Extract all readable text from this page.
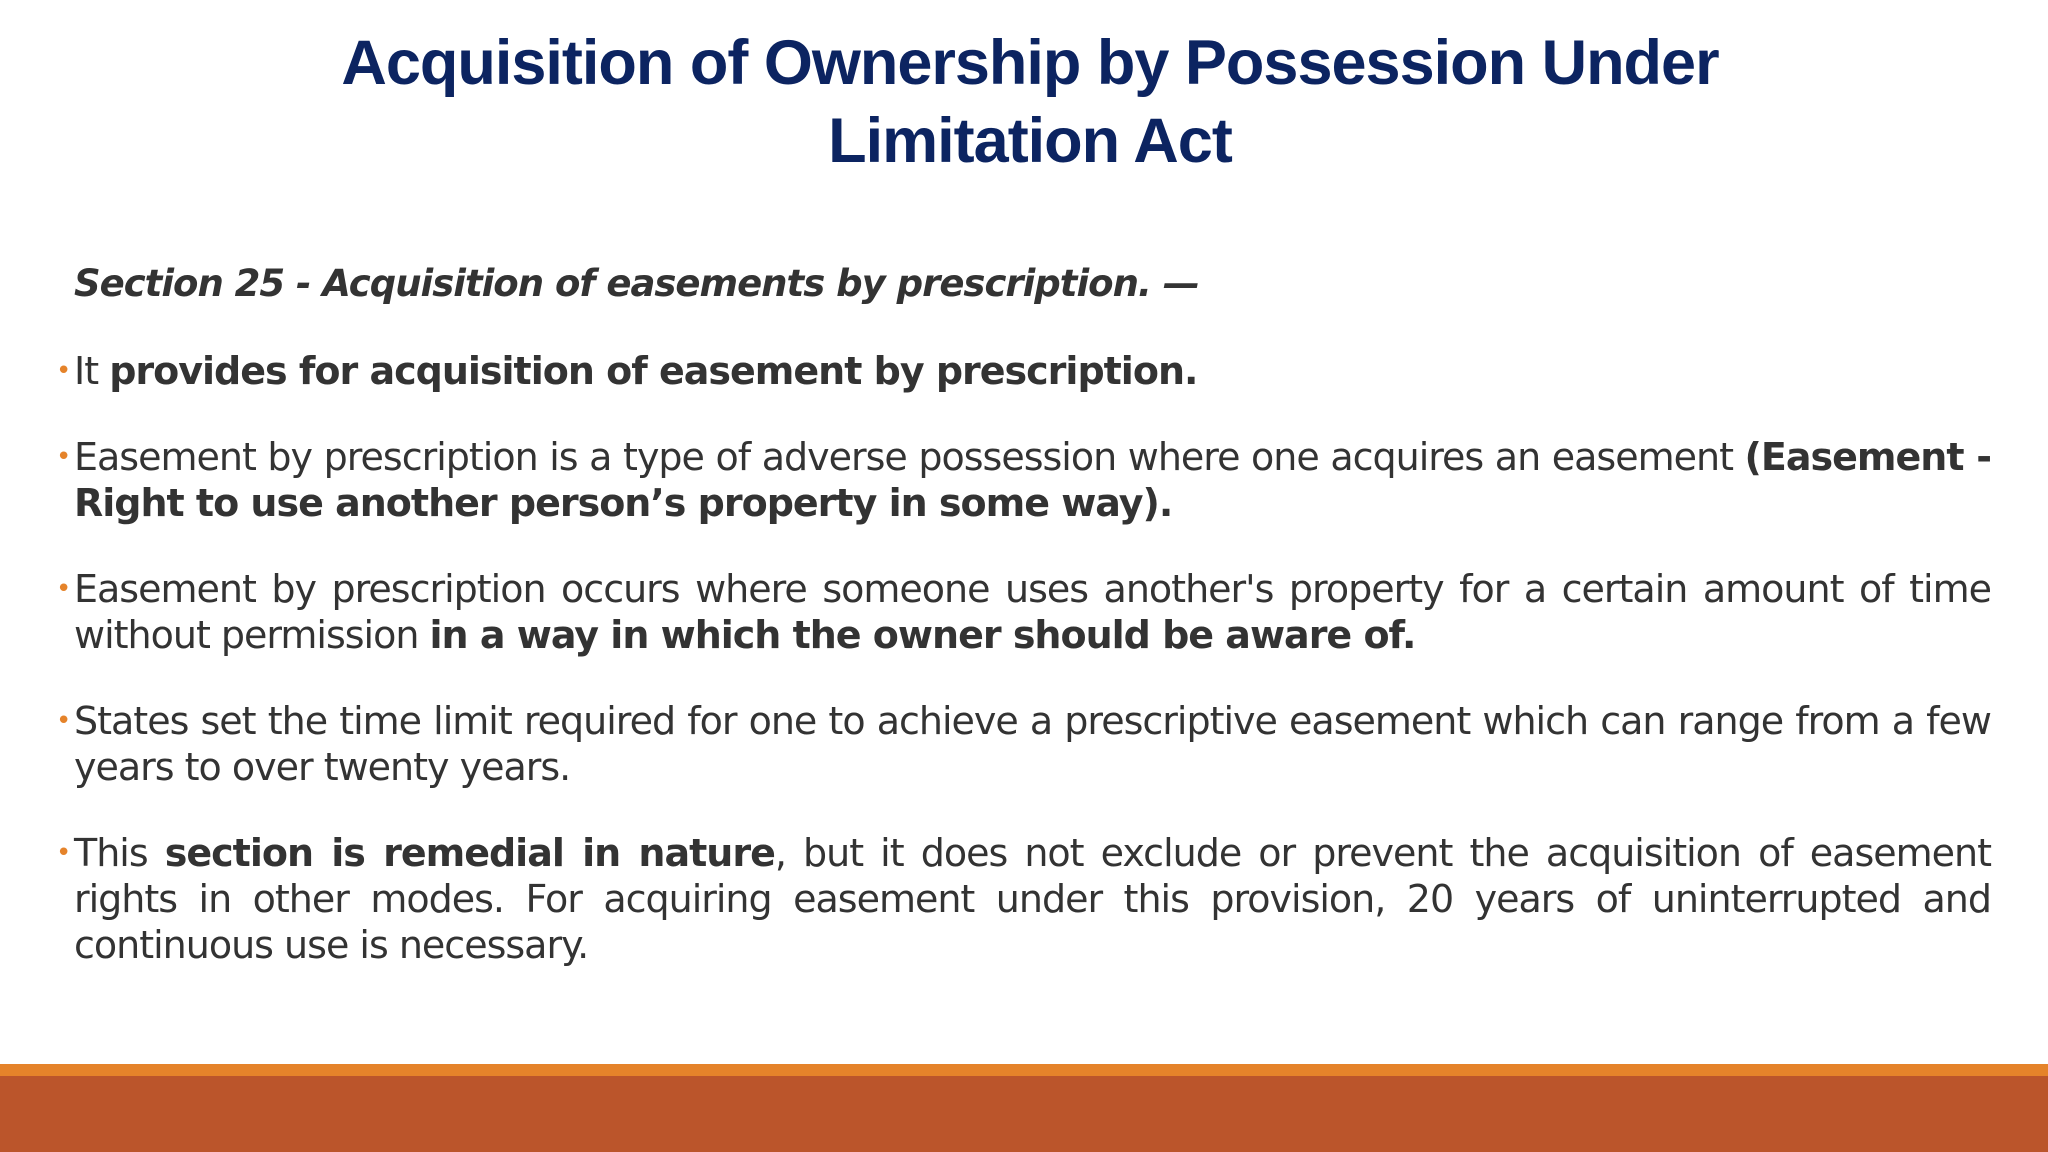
Acquisition of Ownership by Possession Under
Limitation Act

Section 25 - Acquisition of easements by prescription. —

• It provides for acquisition of easement by prescription.

• Easement by prescription is a type of adverse possession where one acquires an easement (Easement - Right to use another person’s property in some way).

• Easement by prescription occurs where someone uses another's property for a certain amount of time without permission in a way in which the owner should be aware of.

• States set the time limit required for one to achieve a prescriptive easement which can range from a few years to over twenty years.

• This section is remedial in nature, but it does not exclude or prevent the acquisition of easement rights in other modes. For acquiring easement under this provision, 20 years of uninterrupted and continuous use is necessary.
